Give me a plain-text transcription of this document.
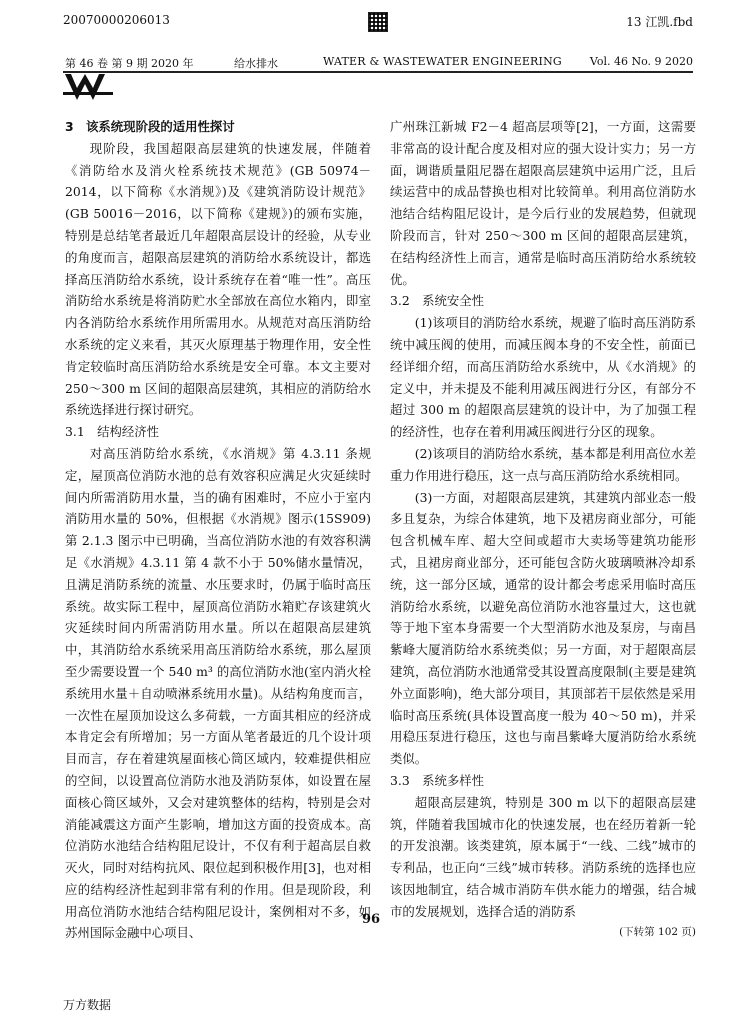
20070000206013	13 江凯.fbd
第 46 卷 第 9 期 2020 年	给水排水	WATER & WASTEWATER ENGINEERING	Vol. 46 No. 9 2020

3　该系统现阶段的适用性探讨

现阶段，我国超限高层建筑的快速发展，伴随着《消防给水及消火栓系统技术规范》(GB 50974－2014，以下简称《水消规》)及《建筑消防设计规范》(GB 50016－2016，以下简称《建规》)的颁布实施，特别是总结笔者最近几年超限高层设计的经验，从专业的角度而言，超限高层建筑的消防给水系统设计，都选择高压消防给水系统，设计系统存在着“唯一性”。高压消防给水系统是将消防贮水全部放在高位水箱内，即室内各消防给水系统作用所需用水。从规范对高压消防给水系统的定义来看，其灭火原理基于物理作用，安全性肯定较临时高压消防给水系统是安全可靠。本文主要对 250～300 m 区间的超限高层建筑，其相应的消防给水系统选择进行探讨研究。

3.1　结构经济性

对高压消防给水系统，《水消规》第 4.3.11 条规定，屋顶高位消防水池的总有效容积应满足火灾延续时间内所需消防用水量，当的确有困难时，不应小于室内消防用水量的 50%，但根据《水消规》图示(15S909)第 2.1.3 图示中已明确，当高位消防水池的有效容积满足《水消规》4.3.11 第 4 款不小于 50%储水量情况，且满足消防系统的流量、水压要求时，仍属于临时高压系统。故实际工程中，屋顶高位消防水箱贮存该建筑火灾延续时间内所需消防用水量。所以在超限高层建筑中，其消防给水系统采用高压消防给水系统，那么屋顶至少需要设置一个 540 m³ 的高位消防水池(室内消火栓系统用水量＋自动喷淋系统用水量)。从结构角度而言，一次性在屋顶加设这么多荷载，一方面其相应的经济成本肯定会有所增加；另一方面从笔者最近的几个设计项目而言，存在着建筑屋面核心筒区域内，较难提供相应的空间，以设置高位消防水池及消防泵体，如设置在屋面核心筒区域外，又会对建筑整体的结构，特别是会对消能减震这方面产生影响，增加这方面的投资成本。高位消防水池结合结构阻尼设计，不仅有利于超高层自救灭火，同时对结构抗风、限位起到积极作用[3]，也对相应的结构经济性起到非常有利的作用。但是现阶段，利用高位消防水池结合结构阻尼设计，案例相对不多，如苏州国际金融中心项目、

广州珠江新城 F2－4 超高层项等[2]，一方面，这需要非常高的设计配合度及相对应的强大设计实力；另一方面，调谐质量阻尼器在超限高层建筑中运用广泛，且后续运营中的成品替换也相对比较简单。利用高位消防水池结合结构阻尼设计，是今后行业的发展趋势，但就现阶段而言，针对 250～300 m 区间的超限高层建筑，在结构经济性上而言，通常是临时高压消防给水系统较优。

3.2　系统安全性

(1)该项目的消防给水系统，规避了临时高压消防系统中减压阀的使用，而减压阀本身的不安全性，前面已经详细介绍，而高压消防给水系统中，从《水消规》的定义中，并未提及不能利用减压阀进行分区，有部分不超过 300 m 的超限高层建筑的设计中，为了加强工程的经济性，也存在着利用减压阀进行分区的现象。

(2)该项目的消防给水系统，基本都是利用高位水差重力作用进行稳压，这一点与高压消防给水系统相同。

(3)一方面，对超限高层建筑，其建筑内部业态一般多且复杂，为综合体建筑，地下及裙房商业部分，可能包含机械车库、超大空间或超市大卖场等建筑功能形式，且裙房商业部分，还可能包含防火玻璃喷淋冷却系统，这一部分区域，通常的设计都会考虑采用临时高压消防给水系统，以避免高位消防水池容量过大，这也就等于地下室本身需要一个大型消防水池及泵房，与南昌紫峰大厦消防给水系统类似；另一方面，对于超限高层建筑，高位消防水池通常受其设置高度限制(主要是建筑外立面影响)，绝大部分项目，其顶部若干层依然是采用临时高压系统(具体设置高度一般为 40～50 m)，并采用稳压泵进行稳压，这也与南昌紫峰大厦消防给水系统类似。

3.3　系统多样性

超限高层建筑，特别是 300 m 以下的超限高层建筑，伴随着我国城市化的快速发展，也在经历着新一轮的开发浪潮。该类建筑，原本属于“一线、二线”城市的专利品，也正向“三线”城市转移。消防系统的选择也应该因地制宜，结合城市消防车供水能力的增强，结合城市的发展规划，选择合适的消防系

(下转第 102 页)

96
万方数据
